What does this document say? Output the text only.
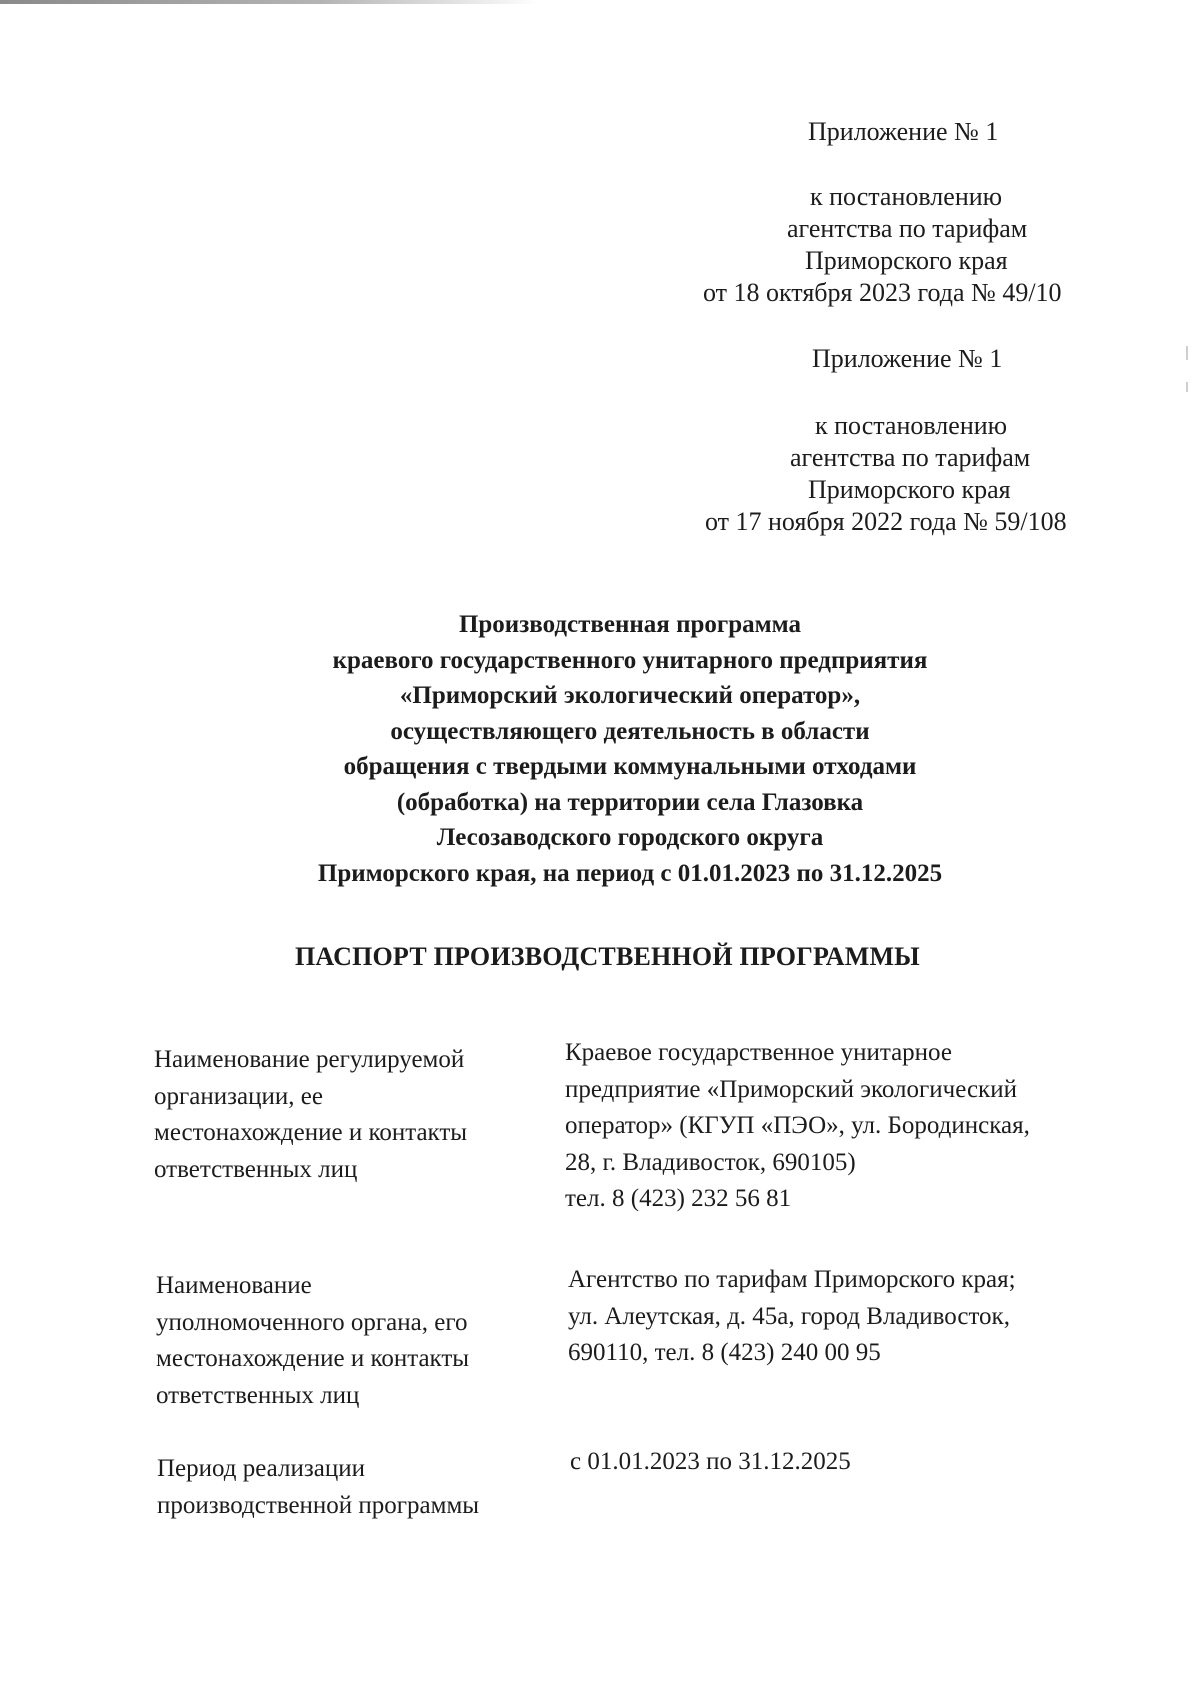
Приложение № 1
к постановлению
агентства по тарифам
Приморского края
от 18 октября 2023 года № 49/10
Приложение № 1
к постановлению
агентства по тарифам
Приморского края
от 17 ноября 2022 года № 59/108
Производственная программа
краевого государственного унитарного предприятия
«Приморский экологический оператор»,
осуществляющего деятельность в области
обращения с твердыми коммунальными отходами
(обработка) на территории села Глазовка
Лесозаводского городского округа
Приморского края, на период с 01.01.2023 по 31.12.2025
ПАСПОРТ ПРОИЗВОДСТВЕННОЙ ПРОГРАММЫ
Наименование регулируемой
организации, ее
местонахождение и контакты
ответственных лиц
Краевое государственное унитарное
предприятие «Приморский экологический
оператор» (КГУП «ПЭО», ул. Бородинская,
28, г. Владивосток, 690105)
тел. 8 (423) 232 56 81
Наименование
уполномоченного органа, его
местонахождение и контакты
ответственных лиц
Агентство по тарифам Приморского края;
ул. Алеутская, д. 45а, город Владивосток,
690110, тел. 8 (423) 240 00 95
Период реализации
производственной программы
с 01.01.2023 по 31.12.2025
